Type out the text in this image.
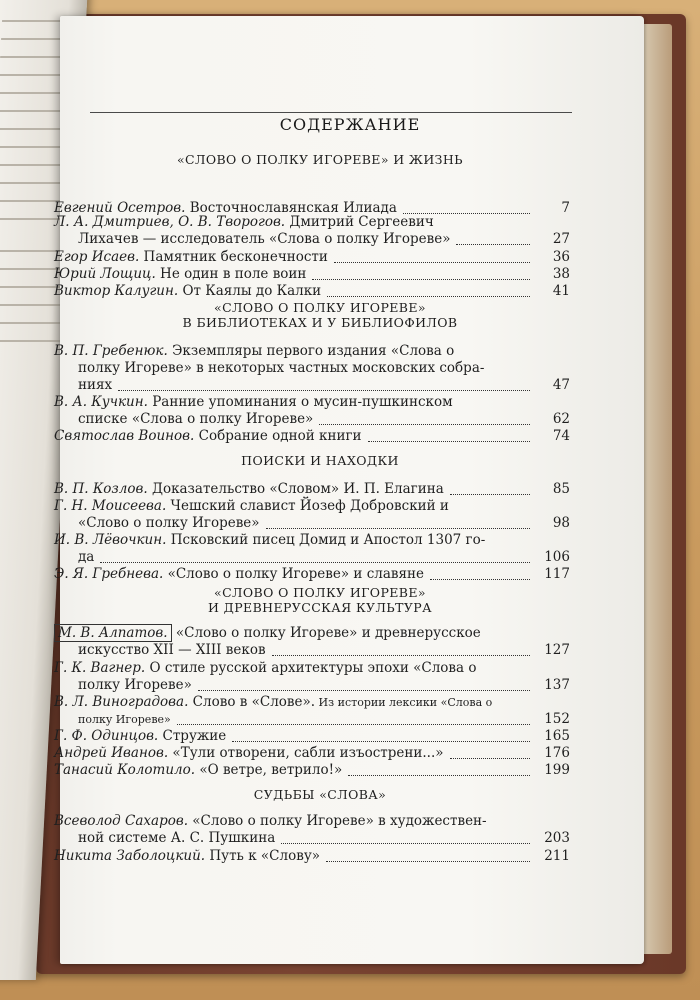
СОДЕРЖАНИЕ
«СЛОВО О ПОЛКУ ИГОРЕВЕ» И ЖИЗНЬ
Евгений Осетров. Восточнославянская Илиада	7
Л. А. Дмитриев, О. В. Творогов. Дмитрий Сергеевич
Лихачев — исследователь «Слова о полку Игореве»	27
Егор Исаев. Памятник бесконечности	36
Юрий Лощиц. Не один в поле воин	38
Виктор Калугин. От Каялы до Калки	41
«СЛОВО О ПОЛКУ ИГОРЕВЕ»
В БИБЛИОТЕКАХ И У БИБЛИОФИЛОВ
В. П. Гребенюк. Экземпляры первого издания «Слова о
полку Игореве» в некоторых частных московских собра-
ниях	47
В. А. Кучкин. Ранние упоминания о мусин-пушкинском
списке «Слова о полку Игореве»	62
Святослав Воинов. Собрание одной книги	74
ПОИСКИ И НАХОДКИ
В. П. Козлов. Доказательство «Словом» И. П. Елагина	85
Г. Н. Моисеева. Чешский славист Йозеф Добровский и
«Слово о полку Игореве»	98
И. В. Лёвочкин. Псковский писец Домид и Апостол 1307 го-
да	106
Э. Я. Гребнева. «Слово о полку Игореве» и славяне	117
«СЛОВО О ПОЛКУ ИГОРЕВЕ»
И ДРЕВНЕРУССКАЯ КУЛЬТУРА
М. В. Алпатов. «Слово о полку Игореве» и древнерусское
искусство XII — XIII веков	127
Г. К. Вагнер. О стиле русской архитектуры эпохи «Слова о
полку Игореве»	137
В. Л. Виноградова. Слово в «Слове». Из истории лексики «Слова о
полку Игореве»	152
Г. Ф. Одинцов. Стружие	165
Андрей Иванов. «Тули отворени, сабли изъострени...»	176
Танасий Колотило. «О ветре, ветрило!»	199
СУДЬБЫ «СЛОВА»
Всеволод Сахаров. «Слово о полку Игореве» в художествен-
ной системе А. С. Пушкина	203
Никита Заболоцкий. Путь к «Слову»	211
